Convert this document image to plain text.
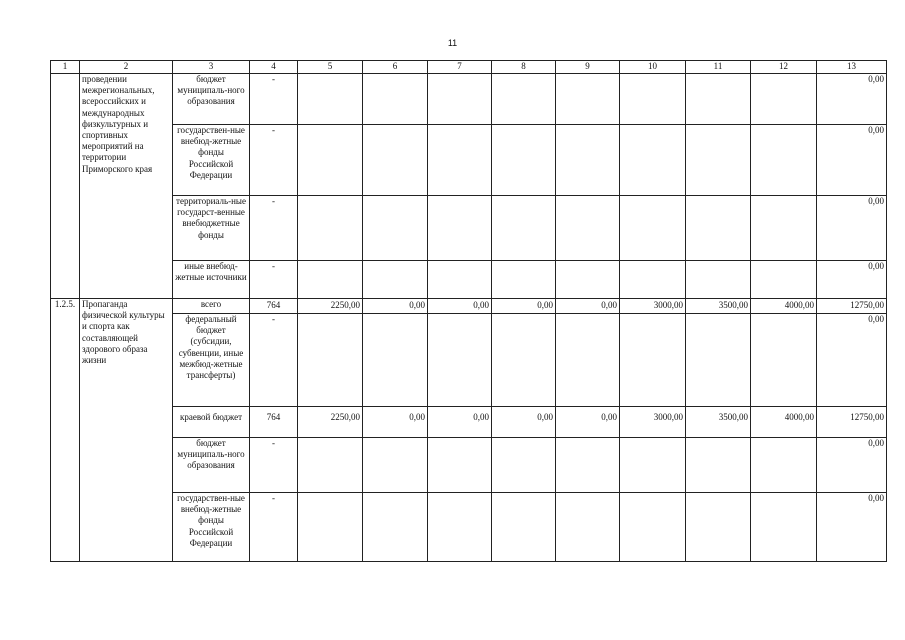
11
1	2	3	4	5	6	7	8	9	10	11	12	13
	проведении межрегиональных, всероссийских и международных физкультурных и спортивных мероприятий на территории Приморского края	бюджет муниципаль-ного образования	-									0,00
		государствен-ные внебюд-жетные фонды Российской Федерации	-									0,00
		территориаль-ные государст-венные внебюджетные фонды	-									0,00
		иные внебюд-жетные источники	-									0,00
1.2.5.	Пропаганда физической культуры и спорта как составляющей здорового образа жизни	всего	764	2250,00	0,00	0,00	0,00	0,00	3000,00	3500,00	4000,00	12750,00
		федеральный бюджет (субсидии, субвенции, иные межбюд-жетные трансферты)	-									0,00
		краевой бюджет	764	2250,00	0,00	0,00	0,00	0,00	3000,00	3500,00	4000,00	12750,00
		бюджет муниципаль-ного образования	-									0,00
		государствен-ные внебюд-жетные фонды Российской Федерации	-									0,00
